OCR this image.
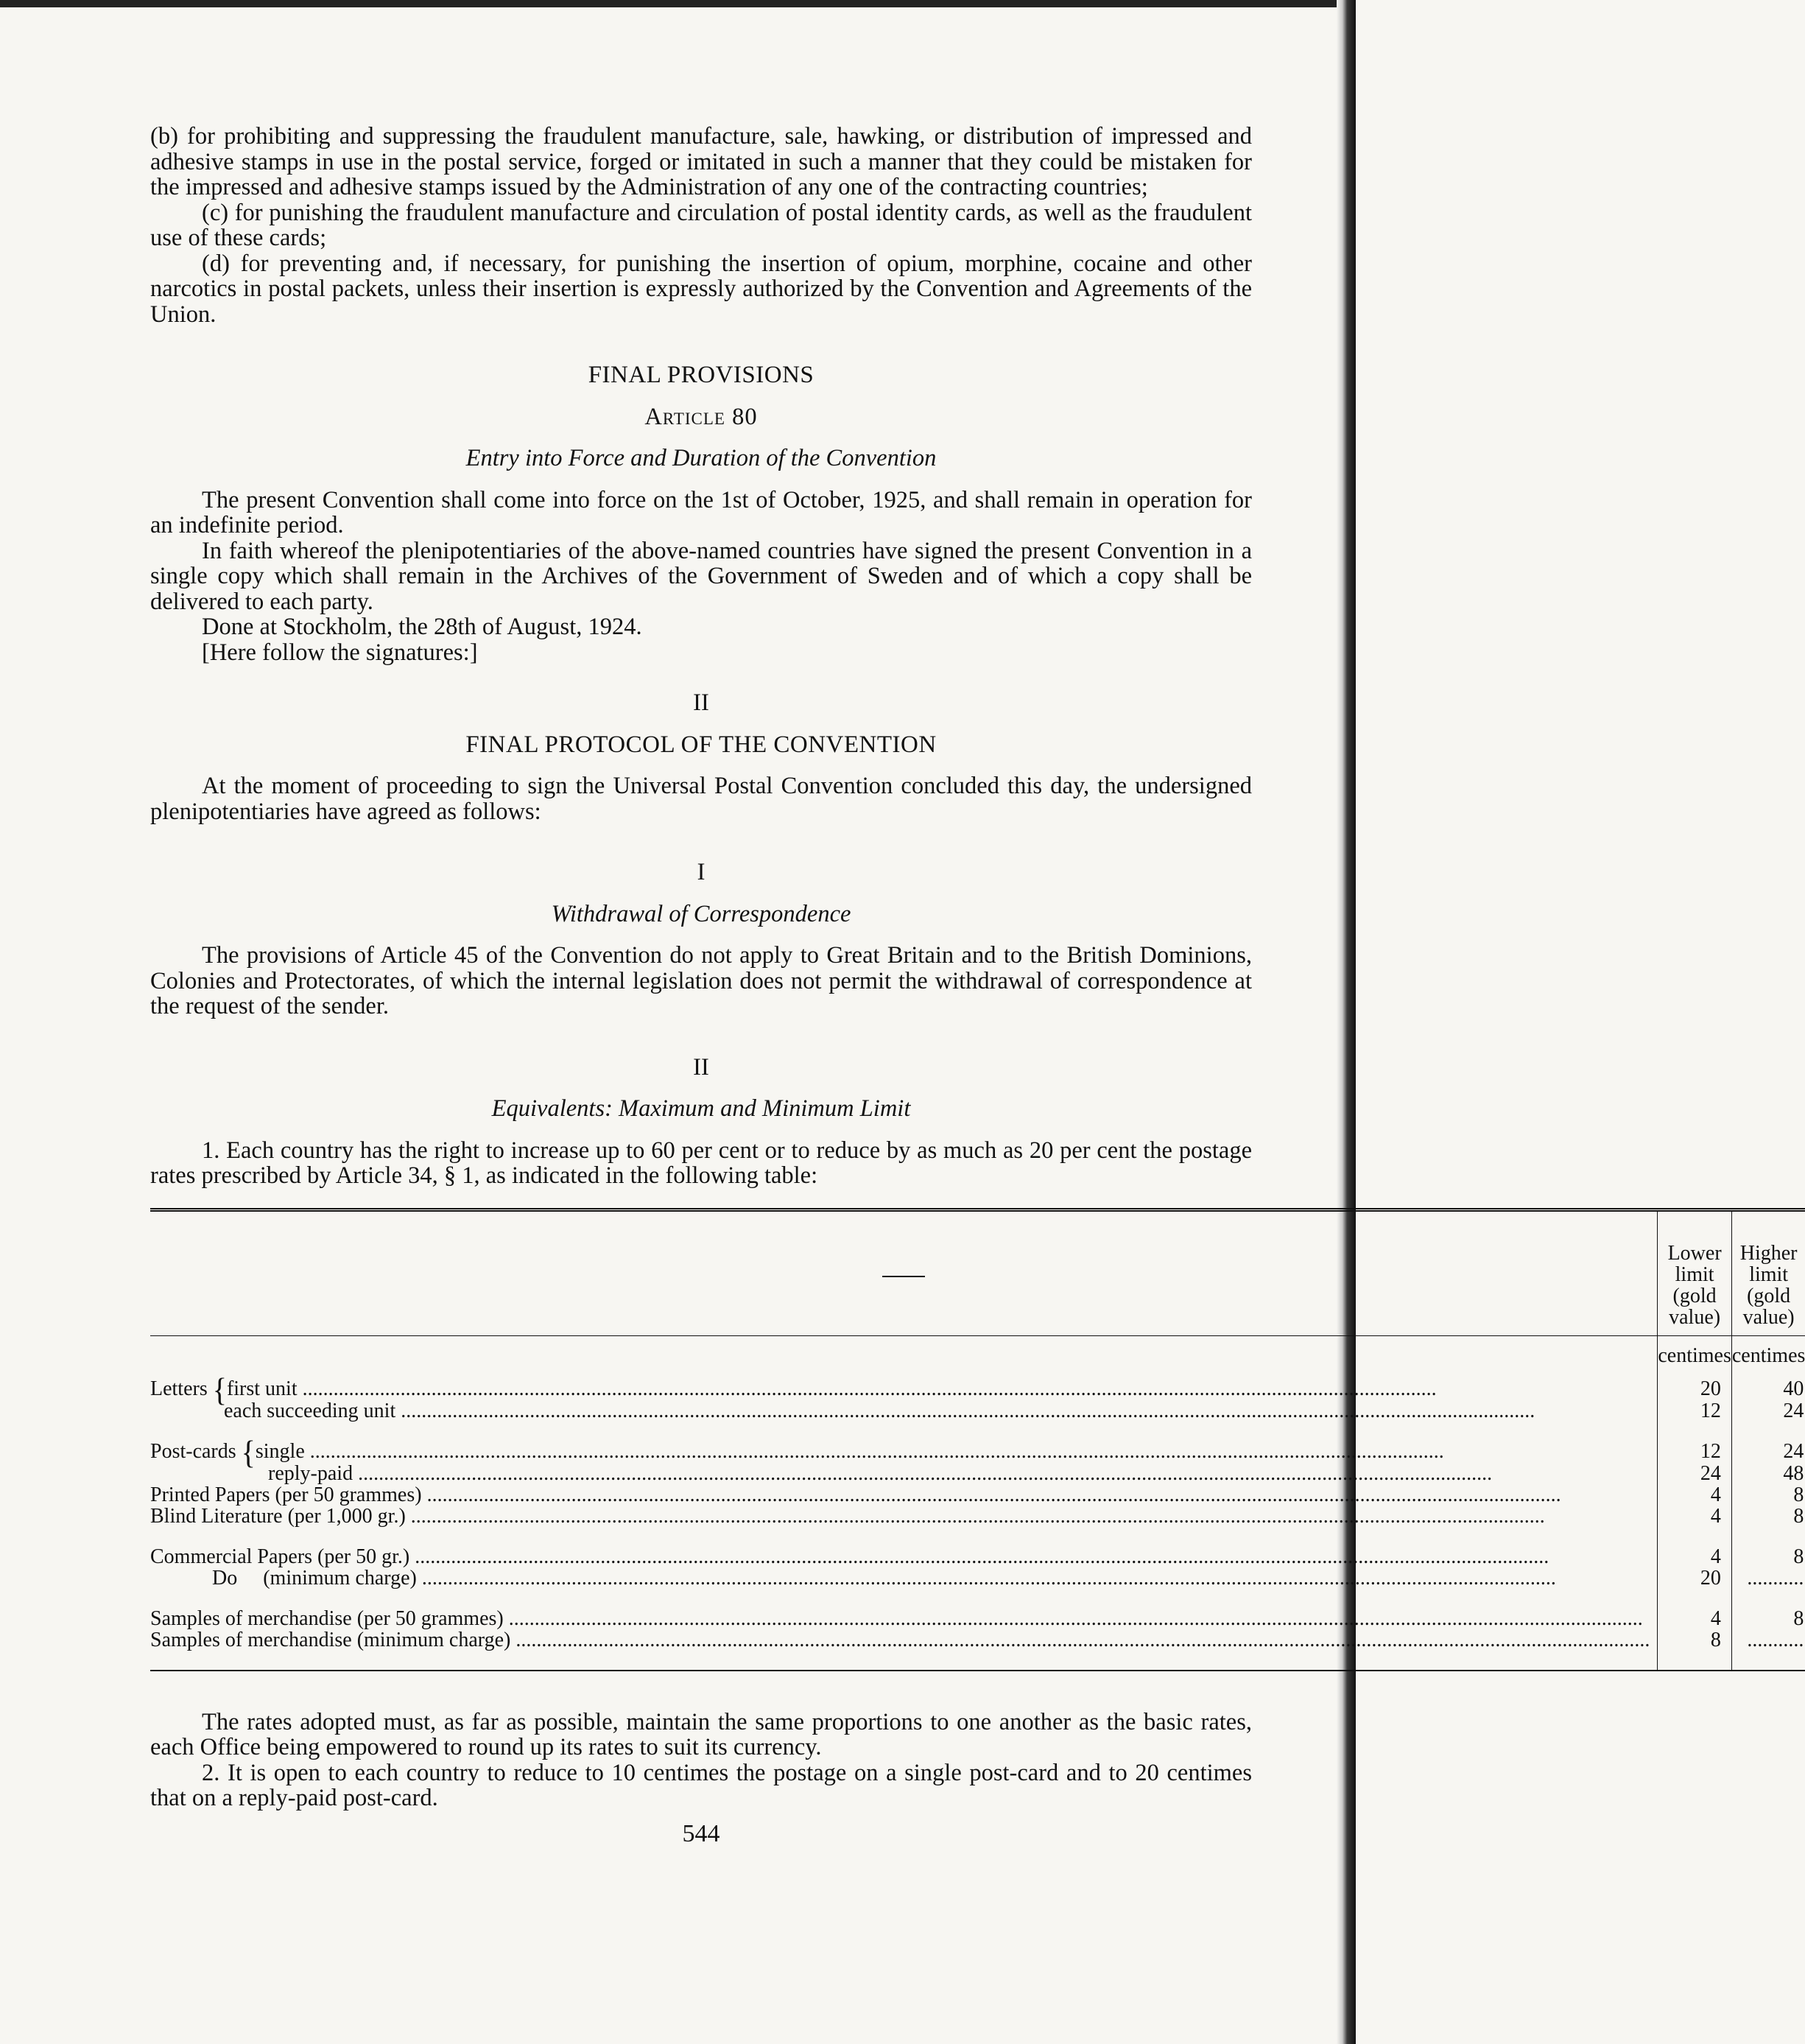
(b) for prohibiting and suppressing the fraudulent manufacture, sale, hawking, or distribution of impressed and adhesive stamps in use in the postal service, forged or imitated in such a manner that they could be mistaken for the impressed and adhesive stamps issued by the Administration of any one of the contracting countries;

(c) for punishing the fraudulent manufacture and circulation of postal identity cards, as well as the fraudulent use of these cards;

(d) for preventing and, if necessary, for punishing the insertion of opium, morphine, cocaine and other narcotics in postal packets, unless their insertion is expressly authorized by the Convention and Agreements of the Union.

FINAL PROVISIONS

Article 80

Entry into Force and Duration of the Convention

The present Convention shall come into force on the 1st of October, 1925, and shall remain in operation for an indefinite period.

In faith whereof the plenipotentiaries of the above-named countries have signed the present Convention in a single copy which shall remain in the Archives of the Government of Sweden and of which a copy shall be delivered to each party.

Done at Stockholm, the 28th of August, 1924.

[Here follow the signatures:]

II

FINAL PROTOCOL OF THE CONVENTION

At the moment of proceeding to sign the Universal Postal Convention concluded this day, the undersigned plenipotentiaries have agreed as follows:

I

Withdrawal of Correspondence

The provisions of Article 45 of the Convention do not apply to Great Britain and to the British Dominions, Colonies and Protectorates, of which the internal legislation does not permit the withdrawal of correspondence at the request of the sender.

II

Equivalents: Maximum and Minimum Limit

1. Each country has the right to increase up to 60 per cent or to reduce by as much as 20 per cent the postage rates prescribed by Article 34, § 1, as indicated in the following table:

	Lower limit (gold value)	Higher limit (gold value)
	centimes	centimes
Letters {first unit .....	20	40
each succeeding unit .....	12	24

Post-cards {single .....	12	24
reply-paid .....	24	48
Printed Papers (per 50 grammes) .....	4	8
Blind Literature (per 1,000 gr.) .....	4	8

Commercial Papers (per 50 gr.) .....	4	8
Do     (minimum charge) .....	20	...........

Samples of merchandise (per 50 grammes) .....	4	8
Samples of merchandise (minimum charge) .....	8	...........

The rates adopted must, as far as possible, maintain the same proportions to one another as the basic rates, each Office being empowered to round up its rates to suit its currency.

2. It is open to each country to reduce to 10 centimes the postage on a single post-card and to 20 centimes that on a reply-paid post-card.

544
